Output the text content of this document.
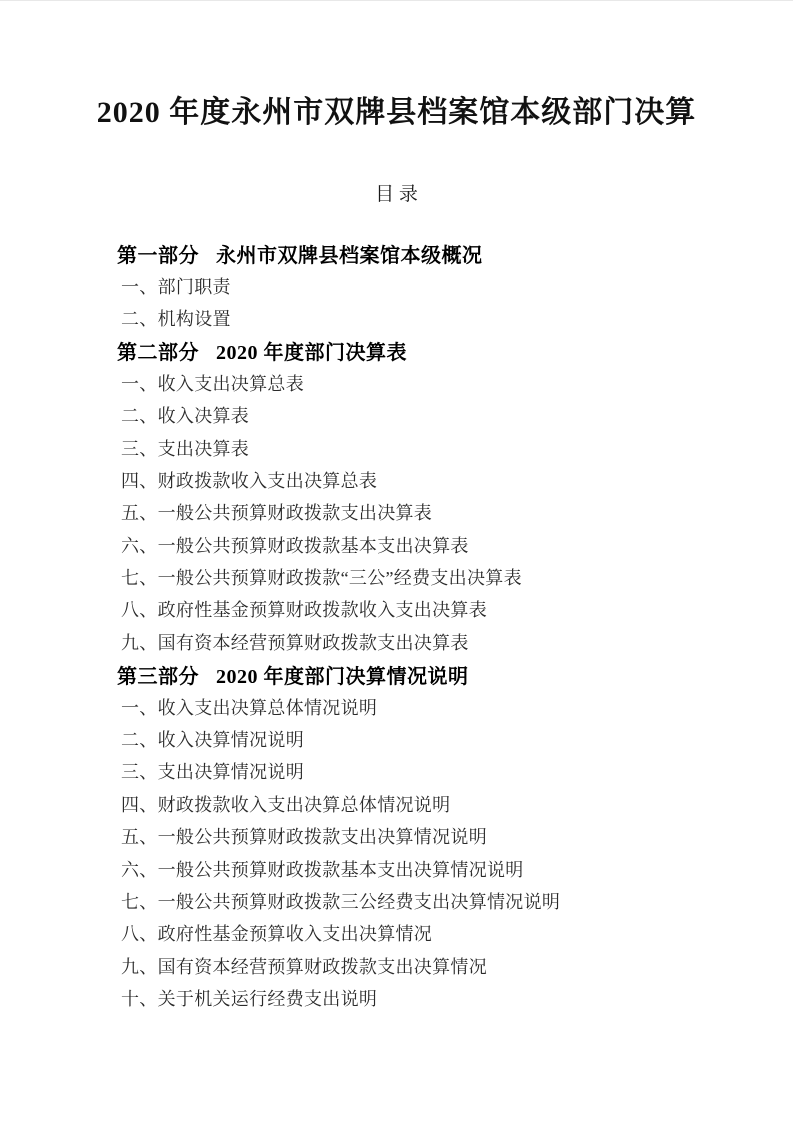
2020 年度永州市双牌县档案馆本级部门决算
目 录
第一部分 永州市双牌县档案馆本级概况
一、部门职责
二、机构设置
第二部分 2020 年度部门决算表
一、收入支出决算总表
二、收入决算表
三、支出决算表
四、财政拨款收入支出决算总表
五、一般公共预算财政拨款支出决算表
六、一般公共预算财政拨款基本支出决算表
七、一般公共预算财政拨款“三公”经费支出决算表
八、政府性基金预算财政拨款收入支出决算表
九、国有资本经营预算财政拨款支出决算表
第三部分 2020 年度部门决算情况说明
一、收入支出决算总体情况说明
二、收入决算情况说明
三、支出决算情况说明
四、财政拨款收入支出决算总体情况说明
五、一般公共预算财政拨款支出决算情况说明
六、一般公共预算财政拨款基本支出决算情况说明
七、一般公共预算财政拨款三公经费支出决算情况说明
八、政府性基金预算收入支出决算情况
九、国有资本经营预算财政拨款支出决算情况
十、关于机关运行经费支出说明
